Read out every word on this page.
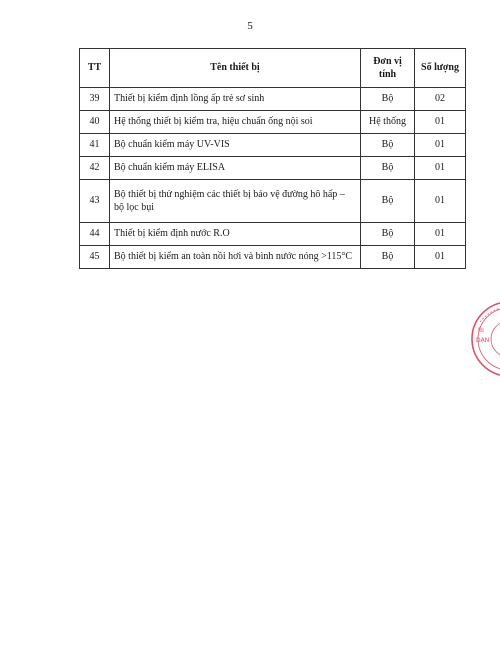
5
TT	Tên thiết bị	Đơn vị tính	Số lượng
39	Thiết bị kiểm định lồng ấp trẻ sơ sinh	Bộ	02
40	Hệ thống thiết bị kiểm tra, hiệu chuẩn ống nội soi	Hệ thống	01
41	Bộ chuẩn kiểm máy UV-VIS	Bộ	01
42	Bộ chuẩn kiểm máy ELISA	Bộ	01
43	Bộ thiết bị thử nghiệm các thiết bị bảo vệ đường hô hấp – bộ lọc bụi	Bộ	01
44	Thiết bị kiểm định nước R.O	Bộ	01
45	Bộ thiết bị kiểm an toàn nồi hơi và bình nước nóng >115°C	Bộ	01
BỊ
DẠN
